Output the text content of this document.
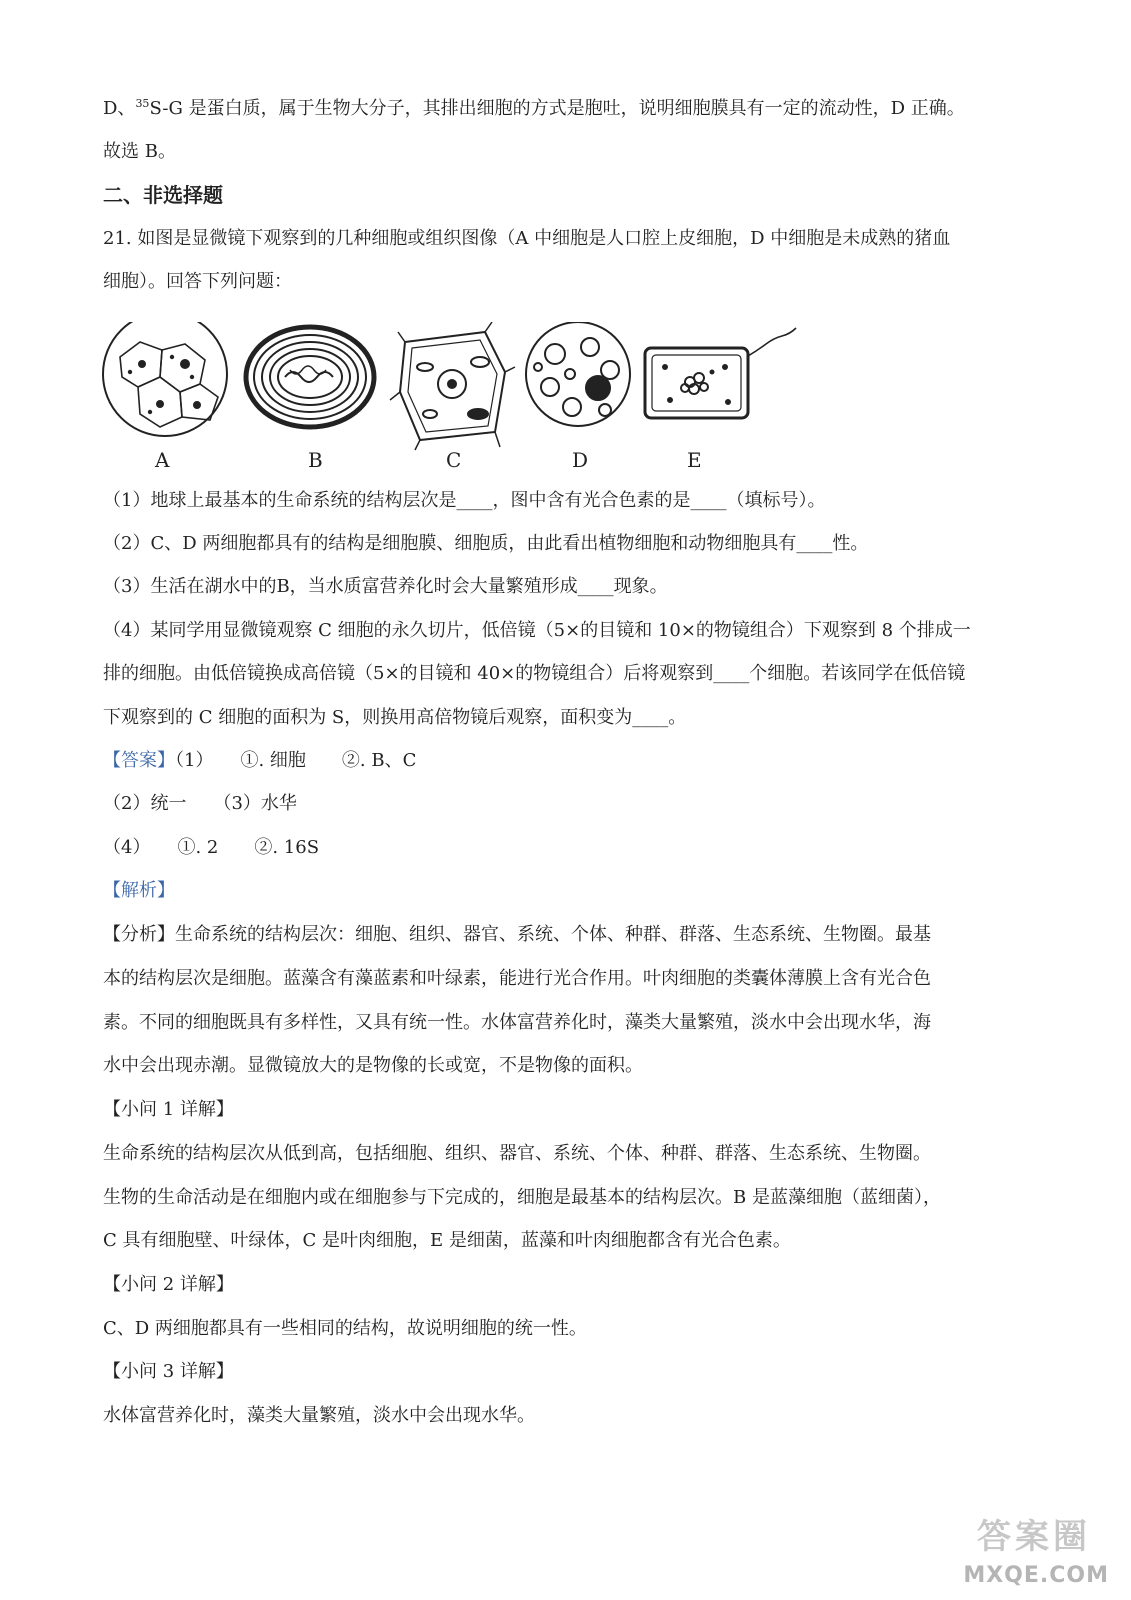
D、$^{35}$S-G 是蛋白质，属于生物大分子，其排出细胞的方式是胞吐，说明细胞膜具有一定的流动性，D 正确。
故选 B。
二、非选择题
21. 如图是显微镜下观察到的几种细胞或组织图像（A 中细胞是人口腔上皮细胞，D 中细胞是未成熟的猪血
细胞）。回答下列问题：
A	B	C	D	E
（1）地球上最基本的生命系统的结构层次是____，图中含有光合色素的是____（填标号）。
（2）C、D 两细胞都具有的结构是细胞膜、细胞质，由此看出植物细胞和动物细胞具有____性。
（3）生活在湖水中的B，当水质富营养化时会大量繁殖形成____现象。
（4）某同学用显微镜观察 C 细胞的永久切片，低倍镜（5×的目镜和 10×的物镜组合）下观察到 8 个排成一
排的细胞。由低倍镜换成高倍镜（5×的目镜和 40×的物镜组合）后将观察到____个细胞。若该同学在低倍镜
下观察到的 C 细胞的面积为 S，则换用高倍物镜后观察，面积变为____。
【答案】（1）　　①. 细胞　　②. B、C
（2）统一　　（3）水华
（4）　　①. 2　　②. 16S
【解析】
【分析】生命系统的结构层次：细胞、组织、器官、系统、个体、种群、群落、生态系统、生物圈。最基
本的结构层次是细胞。蓝藻含有藻蓝素和叶绿素，能进行光合作用。叶肉细胞的类囊体薄膜上含有光合色
素。不同的细胞既具有多样性，又具有统一性。水体富营养化时，藻类大量繁殖，淡水中会出现水华，海
水中会出现赤潮。显微镜放大的是物像的长或宽，不是物像的面积。
【小问 1 详解】
生命系统的结构层次从低到高，包括细胞、组织、器官、系统、个体、种群、群落、生态系统、生物圈。
生物的生命活动是在细胞内或在细胞参与下完成的，细胞是最基本的结构层次。B 是蓝藻细胞（蓝细菌），
C 具有细胞壁、叶绿体，C 是叶肉细胞，E 是细菌，蓝藻和叶肉细胞都含有光合色素。
【小问 2 详解】
C、D 两细胞都具有一些相同的结构，故说明细胞的统一性。
【小问 3 详解】
水体富营养化时，藻类大量繁殖，淡水中会出现水华。
答案圈
MXQE.COM
